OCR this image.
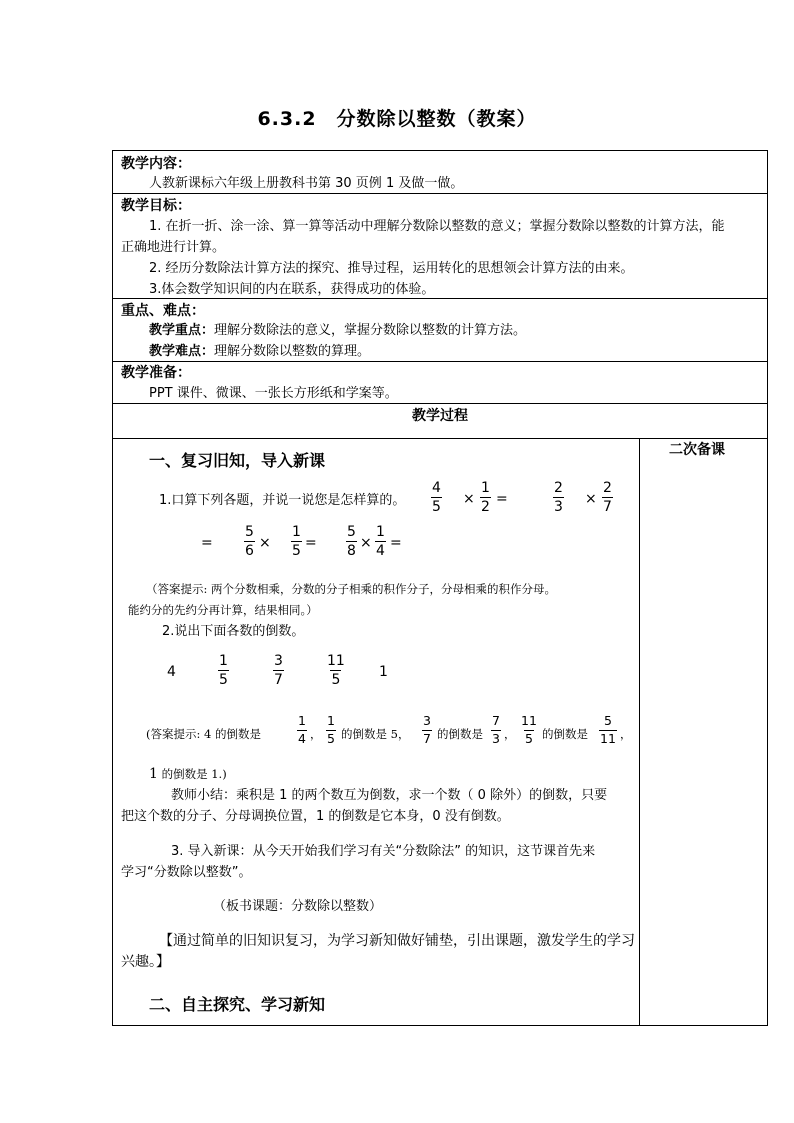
6.3.2　分数除以整数（教案）
教学内容：
人教新课标六年级上册教科书第 30 页例 1 及做一做。
教学目标：
1. 在折一折、涂一涂、算一算等活动中理解分数除以整数的意义；掌握分数除以整数的计算方法，能
正确地进行计算。
2. 经历分数除法计算方法的探究、推导过程，运用转化的思想领会计算方法的由来。
3.体会数学知识间的内在联系，获得成功的体验。
重点、难点：
教学重点：理解分数除法的意义，掌握分数除以整数的计算方法。
教学难点：理解分数除以整数的算理。
教学准备：
PPT 课件、微课、一张长方形纸和学案等。
教学过程
二次备课
一、复习旧知，导入新课
1.口算下列各题，并说一说您是怎样算的。 $\frac{4}{5} \times \frac{1}{2}$ =	$\frac{2}{3} \times \frac{2}{7}$
= $\frac{5}{6} \times \frac{1}{5} = \frac{5}{8} \times \frac{1}{4}$ =
（答案提示: 两个分数相乘，分数的分子相乘的积作分子，分母相乘的积作分母。
能约分的先约分再计算，结果相同。）
2.说出下面各数的倒数。
4	$\frac{1}{5}$	$\frac{3}{7}$	$\frac{11}{5} 1$
(答案提示: 4 的倒数是	$\frac{1}{4}$ ， $\frac{1}{5}$ 的倒数是 5， $\frac{3}{7}$ 的倒数是 $\frac{7}{3}$ ， $\frac{11}{5}$ 的倒数是 $\frac{5}{11}$ ，
1 的倒数是 1.)
教师小结：乘积是 1 的两个数互为倒数，求一个数（ 0 除外）的倒数，只要
把这个数的分子、分母调换位置，1 的倒数是它本身，0 没有倒数。
3. 导入新课：从今天开始我们学习有关“分数除法” 的知识，这节课首先来
学习“分数除以整数”。
（板书课题：分数除以整数）
【通过简单的旧知识复习，为学习新知做好铺垫，引出课题，激发学生的学习
兴趣。】
二、自主探究、学习新知
